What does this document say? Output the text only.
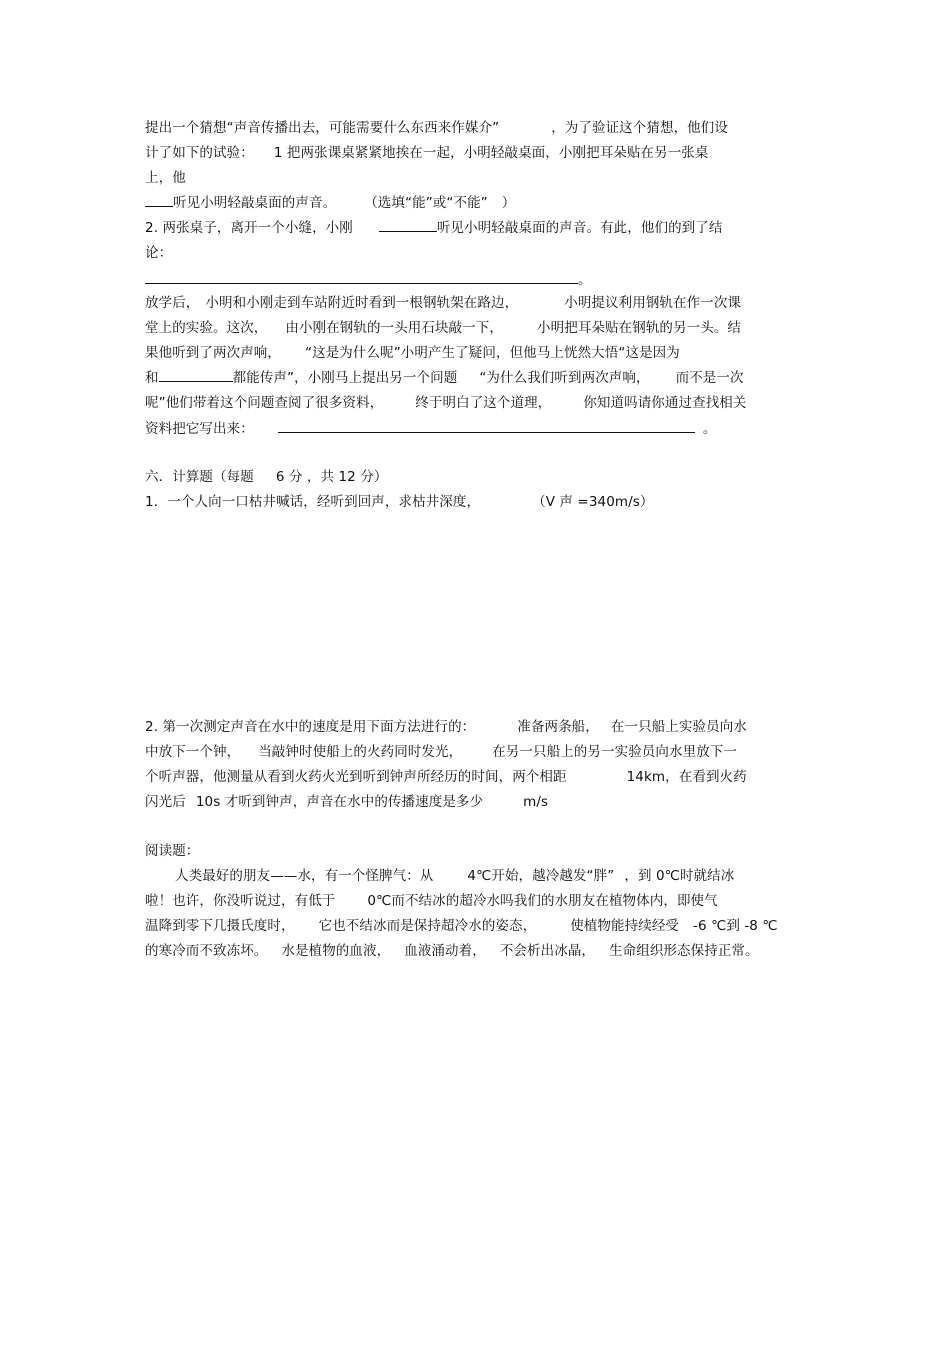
提出一个猜想“声音传播出去，可能需要什么东西来作媒介”	，为了验证这个猜想，他们设

计了如下的试验： 1 把两张课桌紧紧地挨在一起，小明轻敲桌面，小刚把耳朵贴在另一张桌

上，他

听见小明轻敲桌面的声音。 （选填“能”或“不能” ）

2. 两张桌子，离开一个小缝，小刚	听见小明轻敲桌面的声音。有此，他们的到了结

论：

。

放学后， 小明和小刚走到车站附近时看到一根钢轨架在路边，	小明提议利用钢轨在作一次课

堂上的实验。这次， 由小刚在钢轨的一头用石块敲一下，	小明把耳朵贴在钢轨的另一头。结

果他听到了两次声响， “这是为什么呢”小明产生了疑问，但他马上恍然大悟“这是因为

和	都能传声”，小刚马上提出另一个问题 “为什么我们听到两次声响， 而不是一次

呢”他们带着这个问题查阅了很多资料， 终于明白了这个道理， 你知道吗请你通过查找相关

资料把它写出来：	。

六．计算题（每题 6 分 ，共 12 分）

1．一个人向一口枯井喊话，经听到回声，求枯井深度，	（V 声 =340m/s）

2. 第一次测定声音在水中的速度是用下面方法进行的：	准备两条船， 在一只船上实验员向水

中放下一个钟， 当敲钟时使船上的火药同时发光， 在另一只船上的另一实验员向水里放下一

个听声器，他测量从看到火药火光到听到钟声所经历的时间，两个相距	14km，在看到火药

闪光后 10s 才听到钟声，声音在水中的传播速度是多少	m/s

阅读题：

人类最好的朋友——水，有一个怪脾气：从	4℃开始，越冷越发“胖” ，到 0℃时就结冰

啦！也许，你没听说过，有低于 0℃而不结冰的超冷水吗我们的水朋友在植物体内，即使气

温降到零下几摄氏度时， 它也不结冰而是保持超冷水的姿态，	使植物能持续经受 -6 ℃到 -8 ℃

的寒冷而不致冻坏。 水是植物的血液， 血液涌动着， 不会析出冰晶， 生命组织形态保持正常。
